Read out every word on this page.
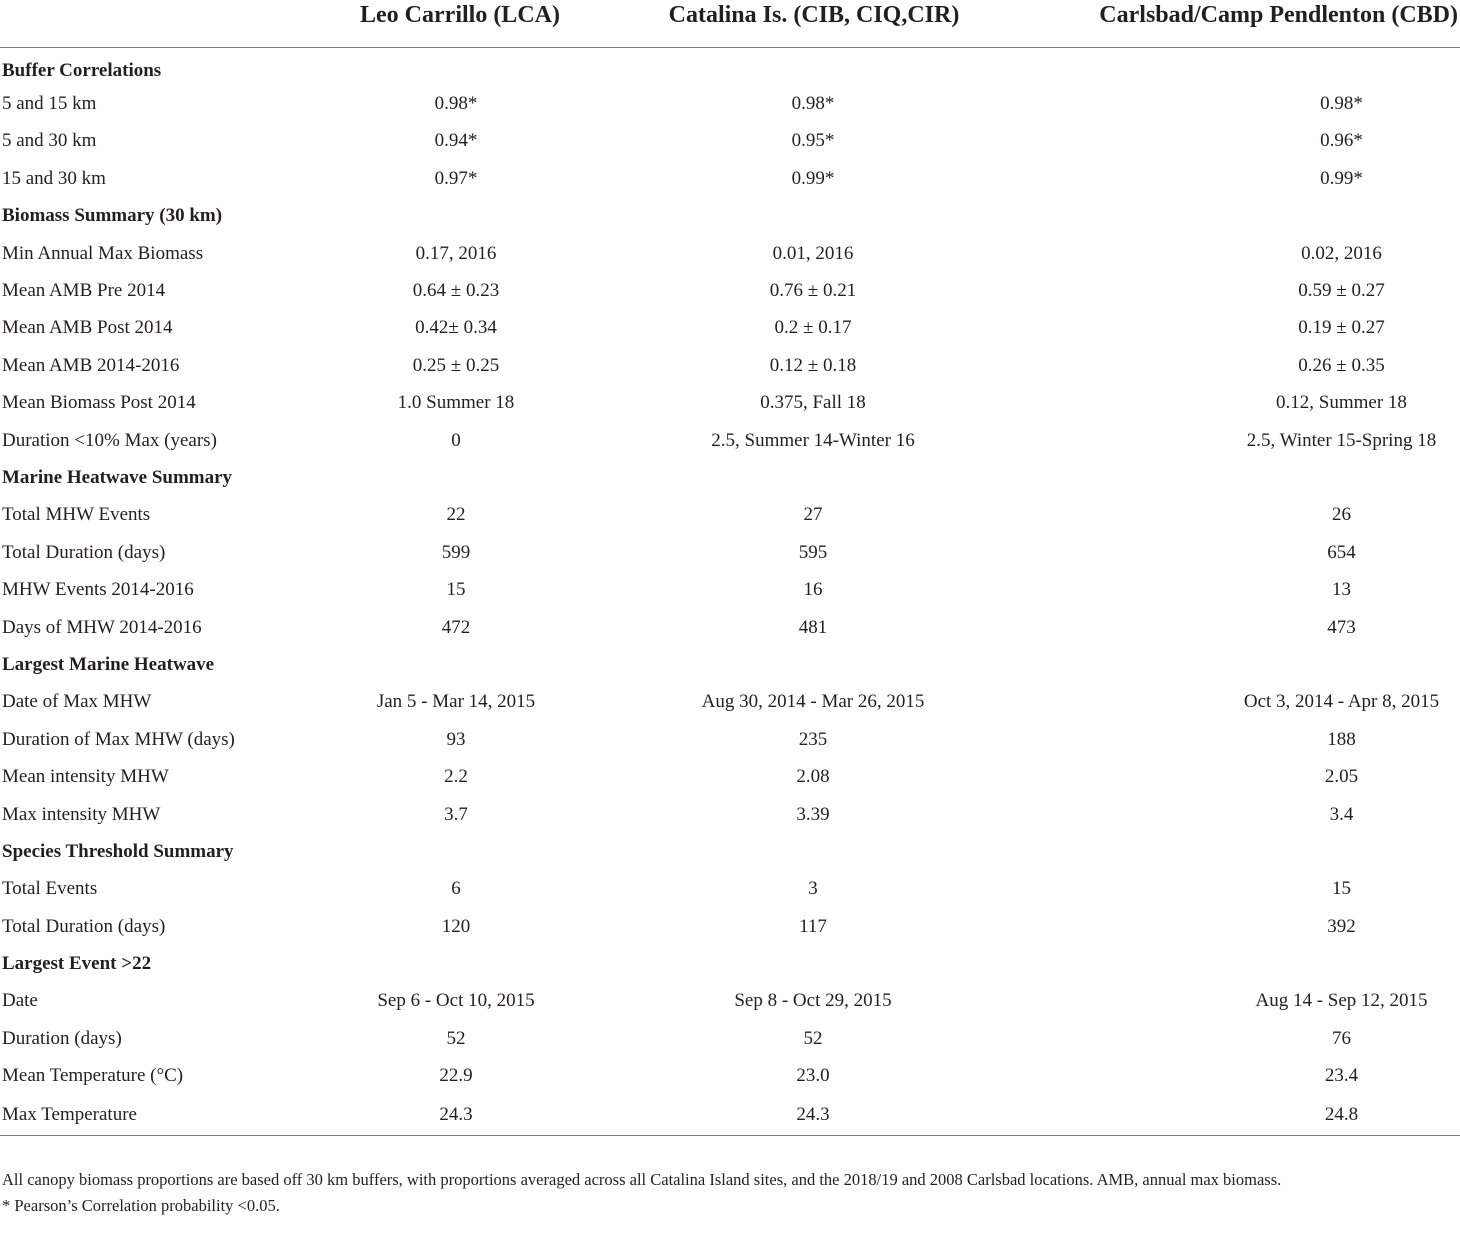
	Leo Carrillo (LCA)	Catalina Is. (CIB, CIQ,CIR)	Carlsbad/Camp Pendlenton (CBD)
Buffer Correlations			
5 and 15 km	0.98*	0.98*	0.98*
5 and 30 km	0.94*	0.95*	0.96*
15 and 30 km	0.97*	0.99*	0.99*
Biomass Summary (30 km)			
Min Annual Max Biomass	0.17, 2016	0.01, 2016	0.02, 2016
Mean AMB Pre 2014	0.64 ± 0.23	0.76 ± 0.21	0.59 ± 0.27
Mean AMB Post 2014	0.42± 0.34	0.2 ± 0.17	0.19 ± 0.27
Mean AMB 2014-2016	0.25 ± 0.25	0.12 ± 0.18	0.26 ± 0.35
Mean Biomass Post 2014	1.0 Summer 18	0.375, Fall 18	0.12, Summer 18
Duration <10% Max (years)	0	2.5, Summer 14-Winter 16	2.5, Winter 15-Spring 18
Marine Heatwave Summary			
Total MHW Events	22	27	26
Total Duration (days)	599	595	654
MHW Events 2014-2016	15	16	13
Days of MHW 2014-2016	472	481	473
Largest Marine Heatwave			
Date of Max MHW	Jan 5 - Mar 14, 2015	Aug 30, 2014 - Mar 26, 2015	Oct 3, 2014 - Apr 8, 2015
Duration of Max MHW (days)	93	235	188
Mean intensity MHW	2.2	2.08	2.05
Max intensity MHW	3.7	3.39	3.4
Species Threshold Summary			
Total Events	6	3	15
Total Duration (days)	120	117	392
Largest Event >22			
Date	Sep 6 - Oct 10, 2015	Sep 8 - Oct 29, 2015	Aug 14 - Sep 12, 2015
Duration (days)	52	52	76
Mean Temperature (°C)	22.9	23.0	23.4
Max Temperature	24.3	24.3	24.8

All canopy biomass proportions are based off 30 km buffers, with proportions averaged across all Catalina Island sites, and the 2018/19 and 2008 Carlsbad locations. AMB, annual max biomass.

* Pearson’s Correlation probability <0.05.
